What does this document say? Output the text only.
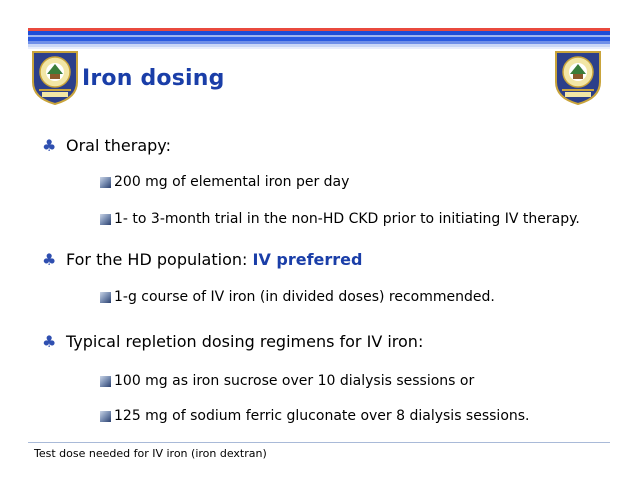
Iron dosing
♣ Oral therapy:
200 mg of elemental iron per day
1- to 3-month trial in the non-HD CKD prior to initiating IV therapy.
♣ For the HD population: IV preferred
1-g course of IV iron (in divided doses) recommended.
♣ Typical repletion dosing regimens for IV iron:
100 mg as iron sucrose over 10 dialysis sessions or
125 mg of sodium ferric gluconate over 8 dialysis sessions.
Test dose needed for IV iron (iron dextran)
